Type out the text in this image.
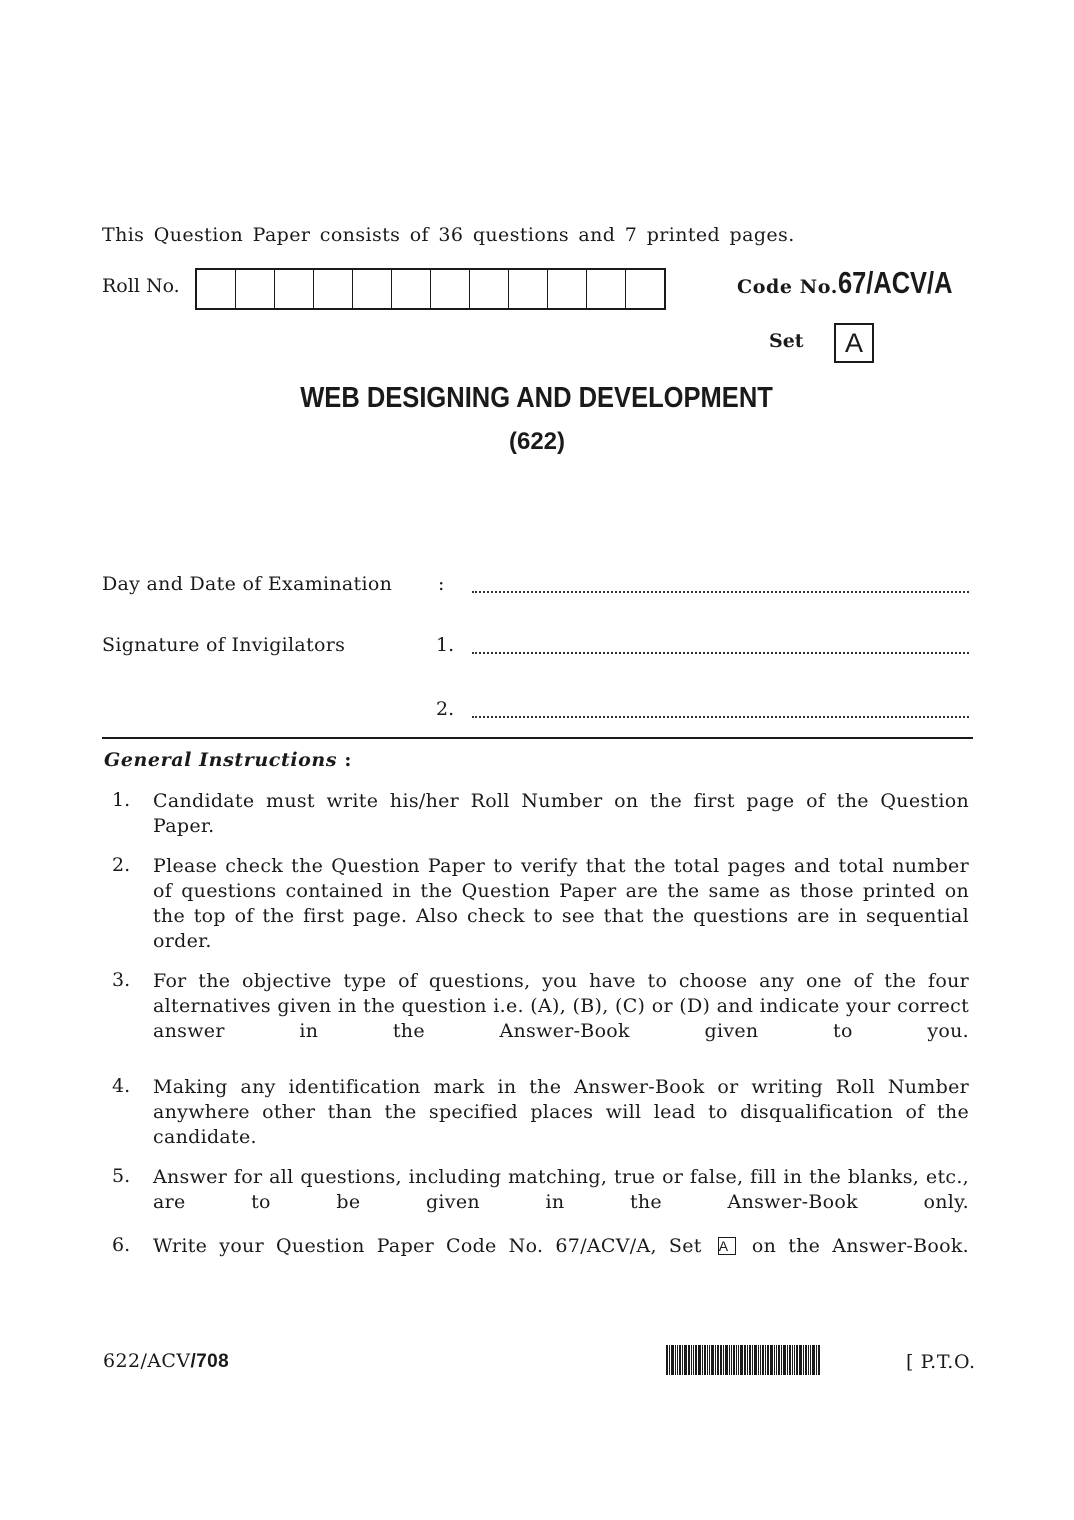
This Question Paper consists of 36 questions and 7 printed pages.
Roll No.	Code No. 67/ACV/A
Set	A
WEB DESIGNING AND DEVELOPMENT
(622)
Day and Date of Examination :
Signature of Invigilators	1.
2.
General Instructions :
1.	Candidate must write his/her Roll Number on the first page of the Question Paper.
2.	Please check the Question Paper to verify that the total pages and total number of questions contained in the Question Paper are the same as those printed on the top of the first page. Also check to see that the questions are in sequential order.
3.	For the objective type of questions, you have to choose any one of the four alternatives given in the question i.e. (A), (B), (C) or (D) and indicate your correct answer in the Answer-Book given to you.
4.	Making any identification mark in the Answer-Book or writing Roll Number anywhere other than the specified places will lead to disqualification of the candidate.
5.	Answer for all questions, including matching, true or false, fill in the blanks, etc., are to be given in the Answer-Book only.
6.	Write your Question Paper Code No. 67/ACV/A, Set A on the Answer-Book.
622/ACV/708	[ P.T.O.
